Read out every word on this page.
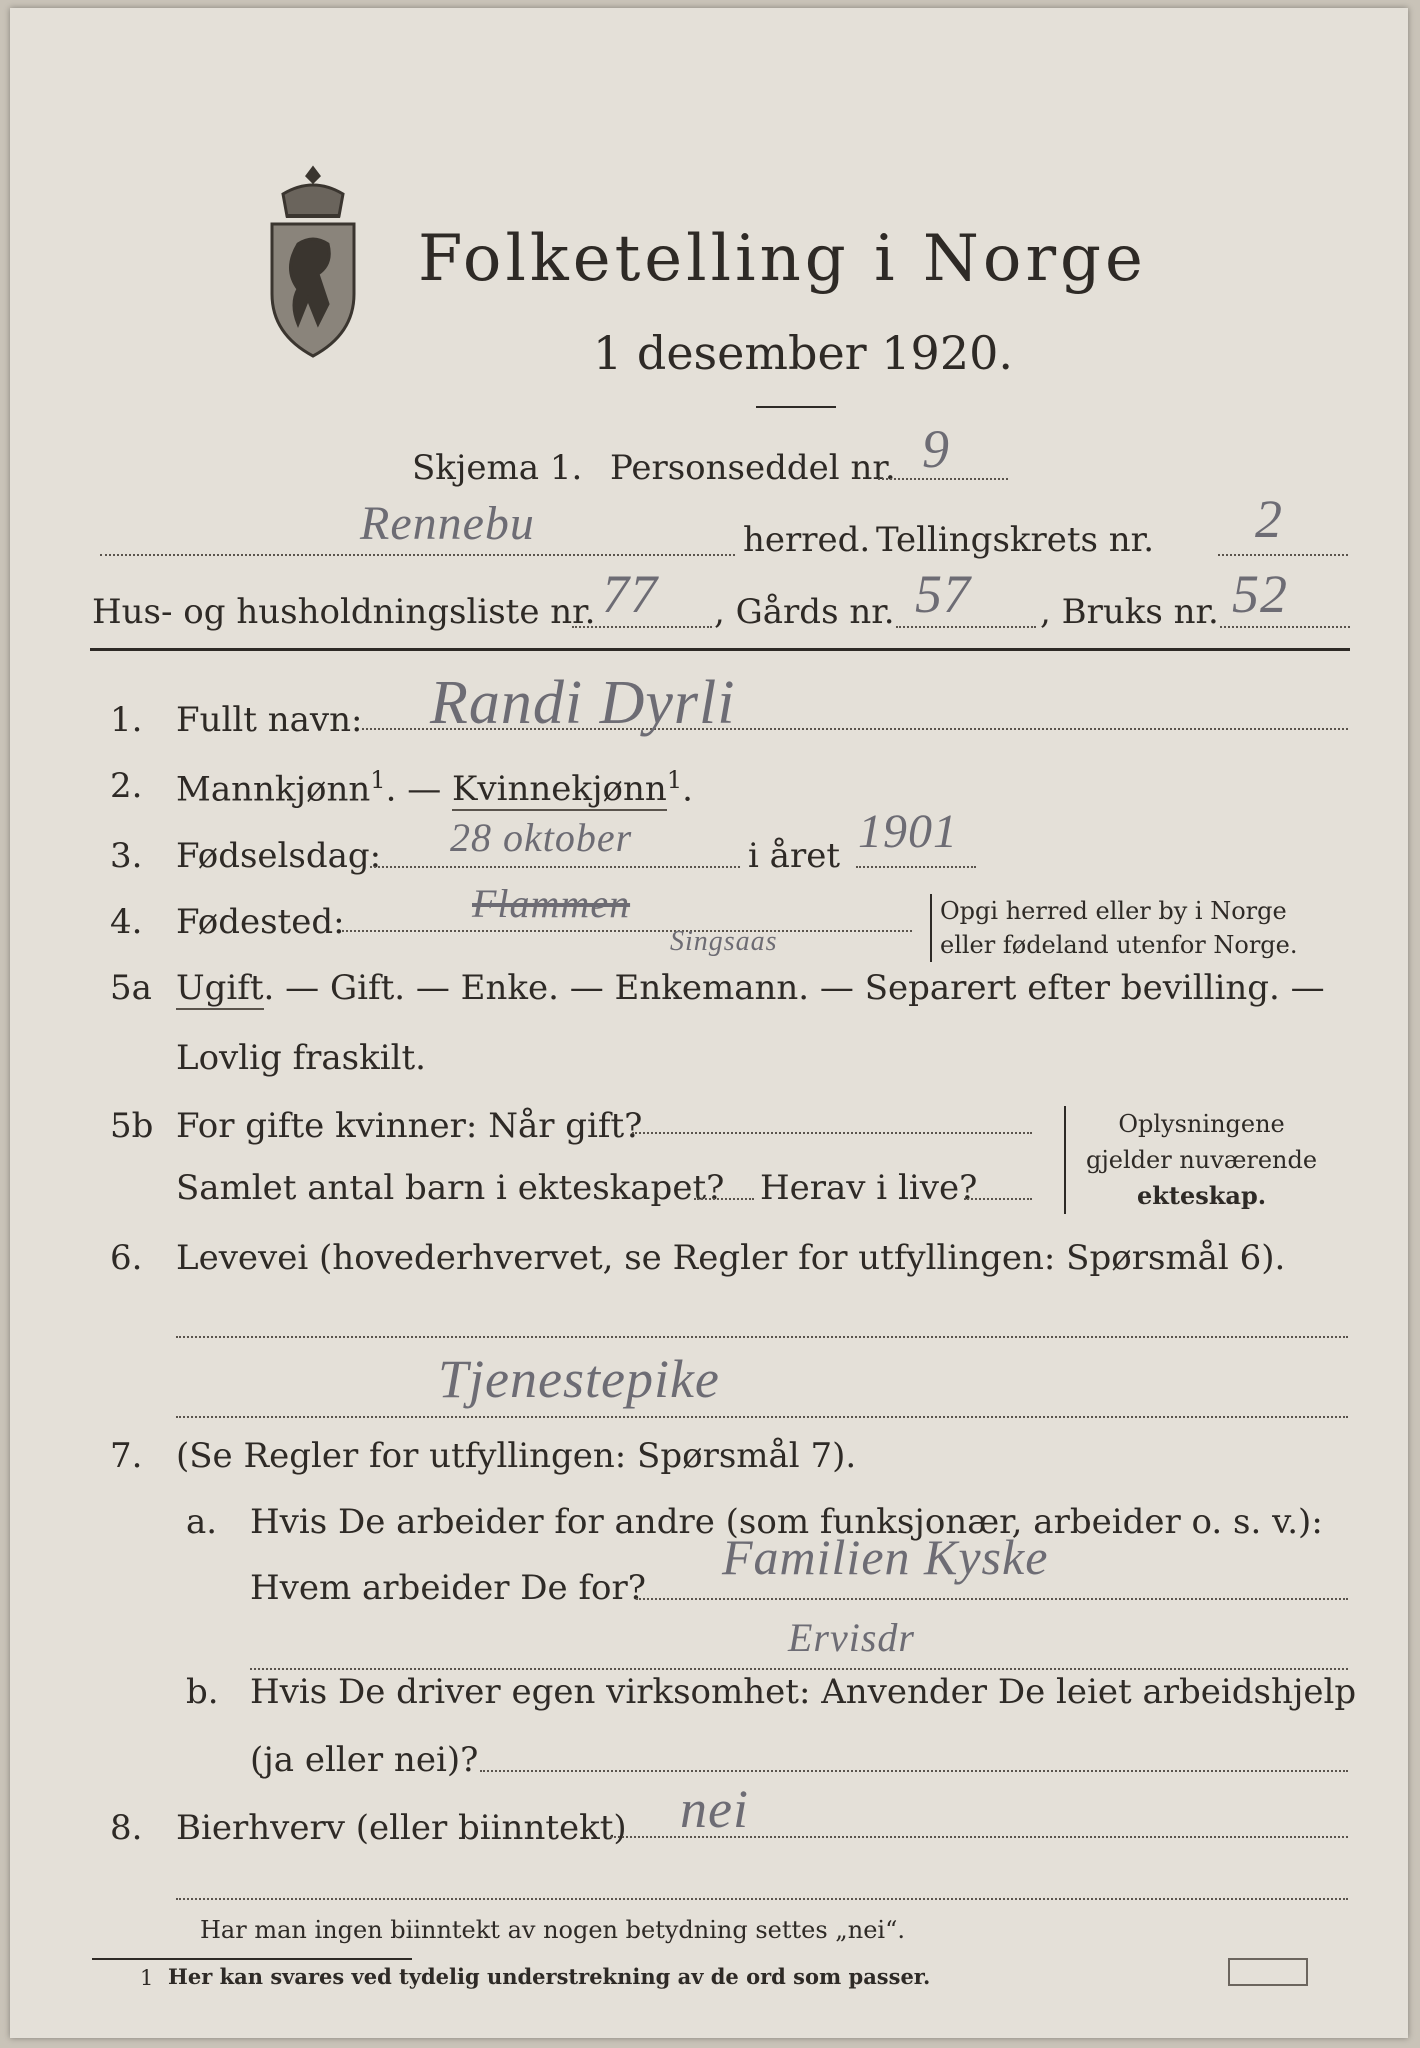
Folketelling i Norge
1 desember 1920.
Skjema 1. Personseddel nr. 9
Rennebu	herred. Tellingskrets nr. 2
Hus- og husholdningsliste nr. 77 , Gårds nr. 57 , Bruks nr. 52
1. Fullt navn: Randi Dyrli
2. Mannkjønn$^1$. — Kvinnekjønn$^1$.
3. Fødselsdag: 28 oktober	i året 1901
4. Fødested:	Flammen
Singsaas
Opgi herred eller by i Norge
eller fødeland utenfor Norge.
5a Ugift. — Gift. — Enke. — Enkemann. — Separert efter bevilling. —
Lovlig fraskilt.
5b For gifte kvinner: Når gift?
Samlet antal barn i ekteskapet? Herav i live?
Oplysningene
gjelder nuværende
ekteskap.
6. Levevei (hovederhvervet, se Regler for utfyllingen: Spørsmål 6).
Tjenestepike
7. (Se Regler for utfyllingen: Spørsmål 7).
a. Hvis De arbeider for andre (som funksjonær, arbeider o. s. v.):
Hvem arbeider De for?
Familien Kyske
Ervisdr
b. Hvis De driver egen virksomhet: Anvender De leiet arbeidshjelp
(ja eller nei)?
8. Bierhverv (eller biinntekt) nei
Har man ingen biinntekt av nogen betydning settes „nei“.
1 Her kan svares ved tydelig understrekning av de ord som passer.
